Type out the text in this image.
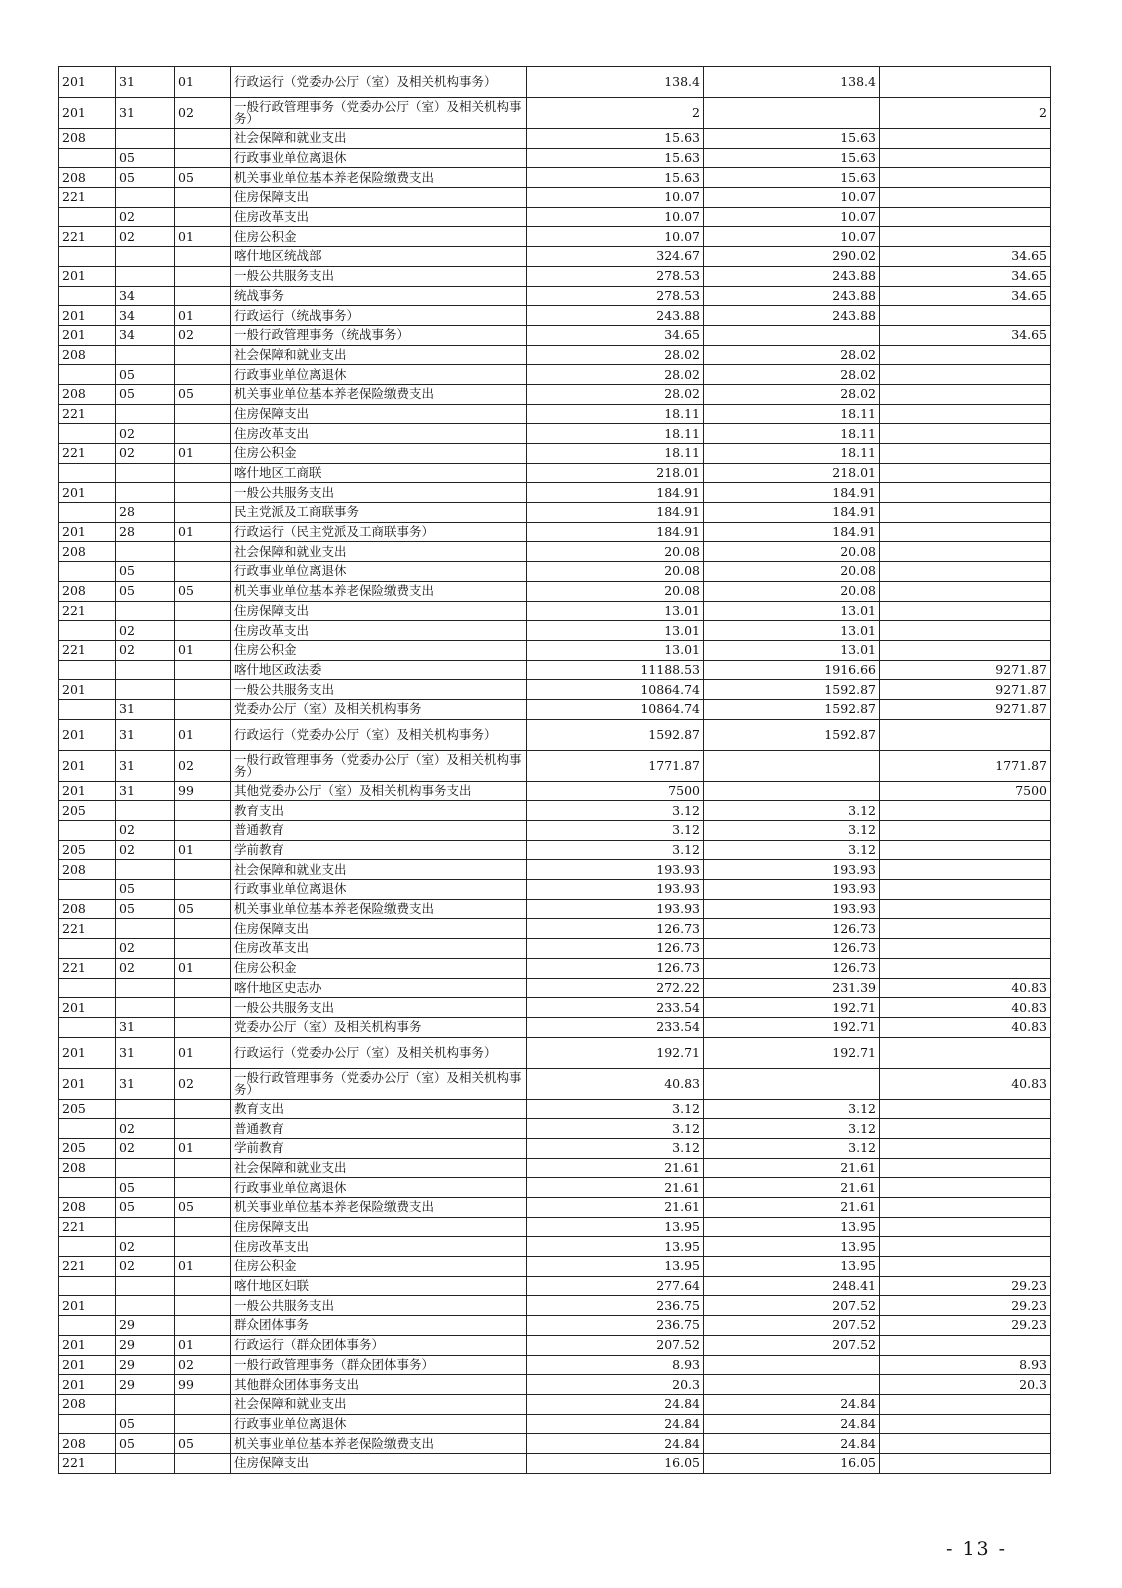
201	31	01	行政运行（党委办公厅（室）及相关机构事务）	138.4	138.4	
201	31	02	一般行政管理事务（党委办公厅（室）及相关机构事务）	2		2
208			社会保障和就业支出	15.63	15.63	
	05		行政事业单位离退休	15.63	15.63	
208	05	05	机关事业单位基本养老保险缴费支出	15.63	15.63	
221			住房保障支出	10.07	10.07	
	02		住房改革支出	10.07	10.07	
221	02	01	住房公积金	10.07	10.07	
			喀什地区统战部	324.67	290.02	34.65
201			一般公共服务支出	278.53	243.88	34.65
	34		统战事务	278.53	243.88	34.65
201	34	01	行政运行（统战事务）	243.88	243.88	
201	34	02	一般行政管理事务（统战事务）	34.65		34.65
208			社会保障和就业支出	28.02	28.02	
	05		行政事业单位离退休	28.02	28.02	
208	05	05	机关事业单位基本养老保险缴费支出	28.02	28.02	
221			住房保障支出	18.11	18.11	
	02		住房改革支出	18.11	18.11	
221	02	01	住房公积金	18.11	18.11	
			喀什地区工商联	218.01	218.01	
201			一般公共服务支出	184.91	184.91	
	28		民主党派及工商联事务	184.91	184.91	
201	28	01	行政运行（民主党派及工商联事务）	184.91	184.91	
208			社会保障和就业支出	20.08	20.08	
	05		行政事业单位离退休	20.08	20.08	
208	05	05	机关事业单位基本养老保险缴费支出	20.08	20.08	
221			住房保障支出	13.01	13.01	
	02		住房改革支出	13.01	13.01	
221	02	01	住房公积金	13.01	13.01	
			喀什地区政法委	11188.53	1916.66	9271.87
201			一般公共服务支出	10864.74	1592.87	9271.87
	31		党委办公厅（室）及相关机构事务	10864.74	1592.87	9271.87
201	31	01	行政运行（党委办公厅（室）及相关机构事务）	1592.87	1592.87	
201	31	02	一般行政管理事务（党委办公厅（室）及相关机构事务）	1771.87		1771.87
201	31	99	其他党委办公厅（室）及相关机构事务支出	7500		7500
205			教育支出	3.12	3.12	
	02		普通教育	3.12	3.12	
205	02	01	学前教育	3.12	3.12	
208			社会保障和就业支出	193.93	193.93	
	05		行政事业单位离退休	193.93	193.93	
208	05	05	机关事业单位基本养老保险缴费支出	193.93	193.93	
221			住房保障支出	126.73	126.73	
	02		住房改革支出	126.73	126.73	
221	02	01	住房公积金	126.73	126.73	
			喀什地区史志办	272.22	231.39	40.83
201			一般公共服务支出	233.54	192.71	40.83
	31		党委办公厅（室）及相关机构事务	233.54	192.71	40.83
201	31	01	行政运行（党委办公厅（室）及相关机构事务）	192.71	192.71	
201	31	02	一般行政管理事务（党委办公厅（室）及相关机构事务）	40.83		40.83
205			教育支出	3.12	3.12	
	02		普通教育	3.12	3.12	
205	02	01	学前教育	3.12	3.12	
208			社会保障和就业支出	21.61	21.61	
	05		行政事业单位离退休	21.61	21.61	
208	05	05	机关事业单位基本养老保险缴费支出	21.61	21.61	
221			住房保障支出	13.95	13.95	
	02		住房改革支出	13.95	13.95	
221	02	01	住房公积金	13.95	13.95	
			喀什地区妇联	277.64	248.41	29.23
201			一般公共服务支出	236.75	207.52	29.23
	29		群众团体事务	236.75	207.52	29.23
201	29	01	行政运行（群众团体事务）	207.52	207.52	
201	29	02	一般行政管理事务（群众团体事务）	8.93		8.93
201	29	99	其他群众团体事务支出	20.3		20.3
208			社会保障和就业支出	24.84	24.84	
	05		行政事业单位离退休	24.84	24.84	
208	05	05	机关事业单位基本养老保险缴费支出	24.84	24.84	
221			住房保障支出	16.05	16.05	
- 13 -
